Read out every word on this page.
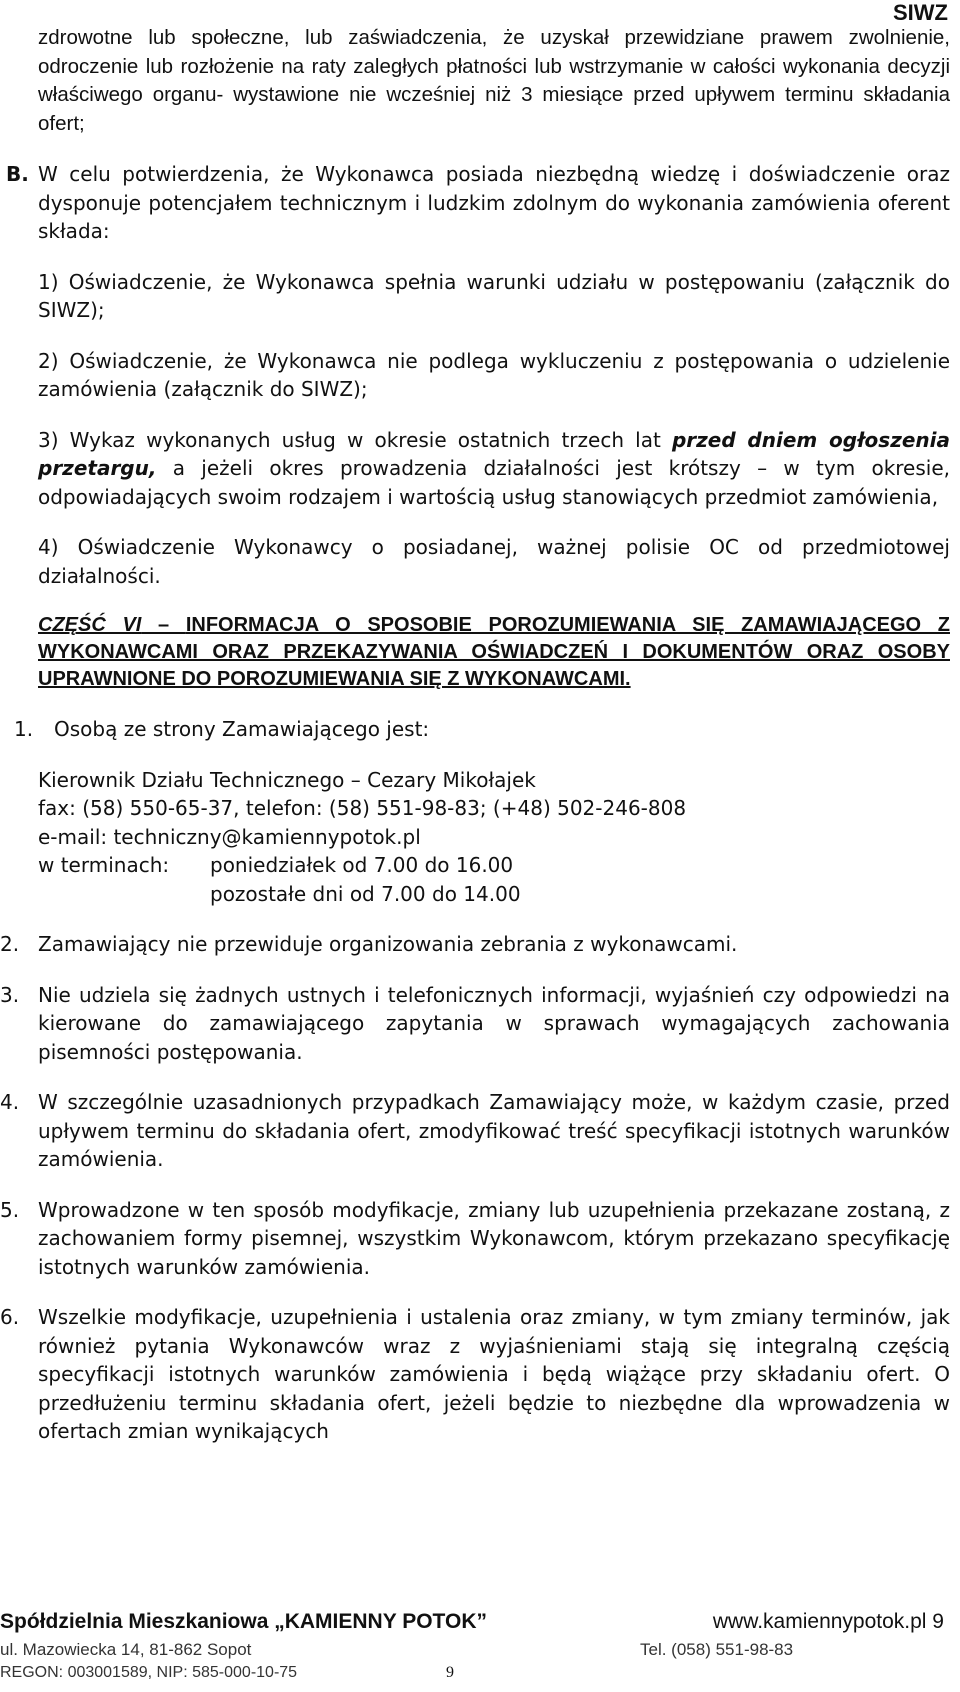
SIWZ

zdrowotne lub społeczne, lub zaświadczenia, że uzyskał przewidziane prawem zwolnienie, odroczenie lub rozłożenie na raty zaległych płatności lub wstrzymanie w całości wykonania decyzji właściwego organu- wystawione nie wcześniej niż 3 miesiące przed upływem terminu składania ofert;

B. W celu potwierdzenia, że Wykonawca posiada niezbędną wiedzę i doświadczenie oraz dysponuje potencjałem technicznym i ludzkim zdolnym do wykonania zamówienia oferent składa:

1) Oświadczenie, że Wykonawca spełnia warunki udziału w postępowaniu (załącznik do SIWZ);

2) Oświadczenie, że Wykonawca nie podlega wykluczeniu z postępowania o udzielenie zamówienia (załącznik do SIWZ);

3) Wykaz wykonanych usług w okresie ostatnich trzech lat przed dniem ogłoszenia przetargu, a jeżeli okres prowadzenia działalności jest krótszy – w tym okresie, odpowiadających swoim rodzajem i wartością usług stanowiących przedmiot zamówienia,

4) Oświadczenie Wykonawcy o posiadanej, ważnej polisie OC od przedmiotowej działalności.

CZĘŚĆ VI – INFORMACJA O SPOSOBIE POROZUMIEWANIA SIĘ ZAMAWIAJĄCEGO Z WYKONAWCAMI ORAZ PRZEKAZYWANIA OŚWIADCZEŃ I DOKUMENTÓW ORAZ OSOBY UPRAWNIONE DO POROZUMIEWANIA SIĘ Z WYKONAWCAMI.

1. Osobą ze strony Zamawiającego jest:

Kierownik Działu Technicznego – Cezary Mikołajek
fax: (58) 550-65-37, telefon: (58) 551-98-83; (+48) 502-246-808
e-mail: techniczny@kamiennypotok.pl
w terminach:	poniedziałek od 7.00 do 16.00
pozostałe dni od 7.00 do 14.00

2. Zamawiający nie przewiduje organizowania zebrania z wykonawcami.

3. Nie udziela się żadnych ustnych i telefonicznych informacji, wyjaśnień czy odpowiedzi na kierowane do zamawiającego zapytania w sprawach wymagających zachowania pisemności postępowania.

4. W szczególnie uzasadnionych przypadkach Zamawiający może, w każdym czasie, przed upływem terminu do składania ofert, zmodyfikować treść specyfikacji istotnych warunków zamówienia.

5. Wprowadzone w ten sposób modyfikacje, zmiany lub uzupełnienia przekazane zostaną, z zachowaniem formy pisemnej, wszystkim Wykonawcom, którym przekazano specyfikację istotnych warunków zamówienia.

6. Wszelkie modyfikacje, uzupełnienia i ustalenia oraz zmiany, w tym zmiany terminów, jak również pytania Wykonawców wraz z wyjaśnieniami stają się integralną częścią specyfikacji istotnych warunków zamówienia i będą wiążące przy składaniu ofert. O przedłużeniu terminu składania ofert, jeżeli będzie to niezbędne dla wprowadzenia w ofertach zmian wynikających

Spółdzielnia Mieszkaniowa „KAMIENNY POTOK”	www.kamiennypotok.pl 9
ul. Mazowiecka 14, 81-862 Sopot	Tel. (058) 551-98-83
REGON: 003001589, NIP: 585-000-10-75	9
